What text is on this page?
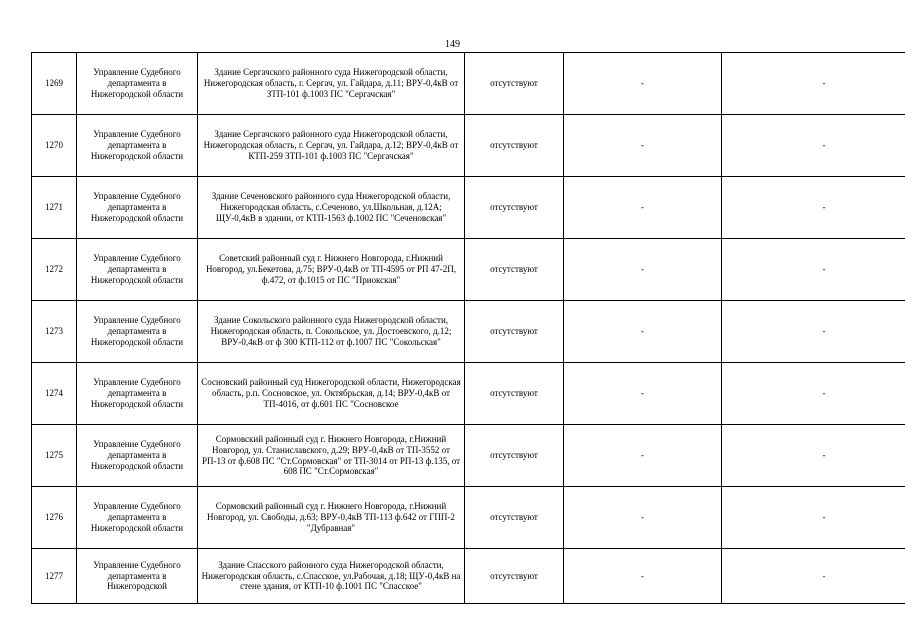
149
1269	Управление Судебного департамента в Нижегородской области	Здание Сергачского районного суда Нижегородской области, Нижегородская область, г. Сергач, ул. Гайдара, д.11; ВРУ-0,4кВ от ЗТП-101 ф.1003 ПС "Сергачская"	отсутствуют	-	-

1270	Управление Судебного департамента в Нижегородской области	Здание Сергачского районного суда Нижегородской области, Нижегородская область, г. Сергач, ул. Гайдара, д.12; ВРУ-0,4кВ от КТП-259 ЗТП-101 ф.1003 ПС "Сергачская"	отсутствуют	-	-

1271	Управление Судебного департамента в Нижегородской области	Здание Сеченовского районного суда Нижегородской области, Нижегородская область, с.Сеченово, ул.Школьная, д.12А; ЩУ-0,4кВ в здании, от КТП-1563 ф.1002 ПС "Сеченовская"	отсутствуют	-	-

1272	Управление Судебного департамента в Нижегородской области	Советский районный суд г. Нижнего Новгорода, г.Нижний Новгород, ул.Бекетова, д.75; ВРУ-0,4кВ от ТП-4595 от РП 47-2П, ф.472, от ф.1015 от ПС "Приокская"	отсутствуют	-	-

1273	Управление Судебного департамента в Нижегородской области	Здание Сокольского районного суда Нижегородской области, Нижегородская область, п. Сокольское, ул. Достоевского, д.12; ВРУ-0,4кВ от ф 300 КТП-112 от ф.1007 ПС "Сокольская"	отсутствуют	-	-

1274	Управление Судебного департамента в Нижегородской области	Сосновский районный суд Нижегородской области, Нижегородская область, р.п. Сосновское, ул. Октябрьская, д.14; ВРУ-0,4кВ от ТП-4016, от ф.601 ПС "Сосновское	отсутствуют	-	-

1275	Управление Судебного департамента в Нижегородской области	Сормовский районный суд г. Нижнего Новгорода, г.Нижний Новгород, ул. Станиславского, д.29; ВРУ-0,4кВ от ТП-3552 от РП-13 от ф.608 ПС "Ст.Сормовская" от ТП-3014 от РП-13 ф.135, от 608 ПС "Ст.Сормовская"	отсутствуют	-	-

1276	Управление Судебного департамента в Нижегородской области	Сормовский районный суд г. Нижнего Новгорода, г.Нижний Новгород, ул. Свободы, д.63; ВРУ-0,4кВ ТП-113 ф.642 от ГПП-2 "Дубравная"	отсутствуют	-	-

1277	Управление Судебного департамента в Нижегородской	Здание Спасского районного суда Нижегородской области, Нижегородская область, с.Спасское, ул.Рабочая, д.18; ЩУ-0,4кВ на стене здания, от КТП-10 ф.1001 ПС "Спасское"	отсутствуют	-	-
